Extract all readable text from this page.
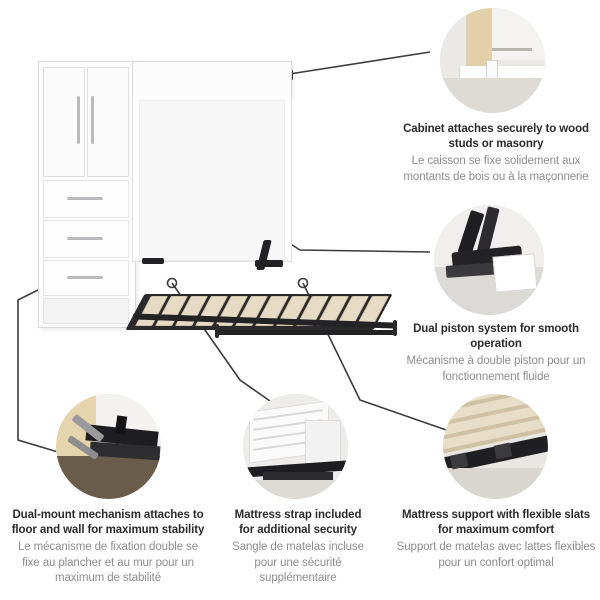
Cabinet attaches securely to wood studs or masonry

Le caisson se fixe solidement aux montants de bois ou à la maçonnerie

Dual piston system for smooth operation

Mécanisme à double piston pour un fonctionnement fluide

Mattress support with flexible slats for maximum comfort

Support de matelas avec lattes flexibles pour un confort optimal

Mattress strap included for additional security

Sangle de matelas incluse pour une sécurité supplémentaire

Dual-mount mechanism attaches to floor and wall for maximum stability

Le mécanisme de fixation double se fixe au plancher et au mur pour un maximum de stabilité
